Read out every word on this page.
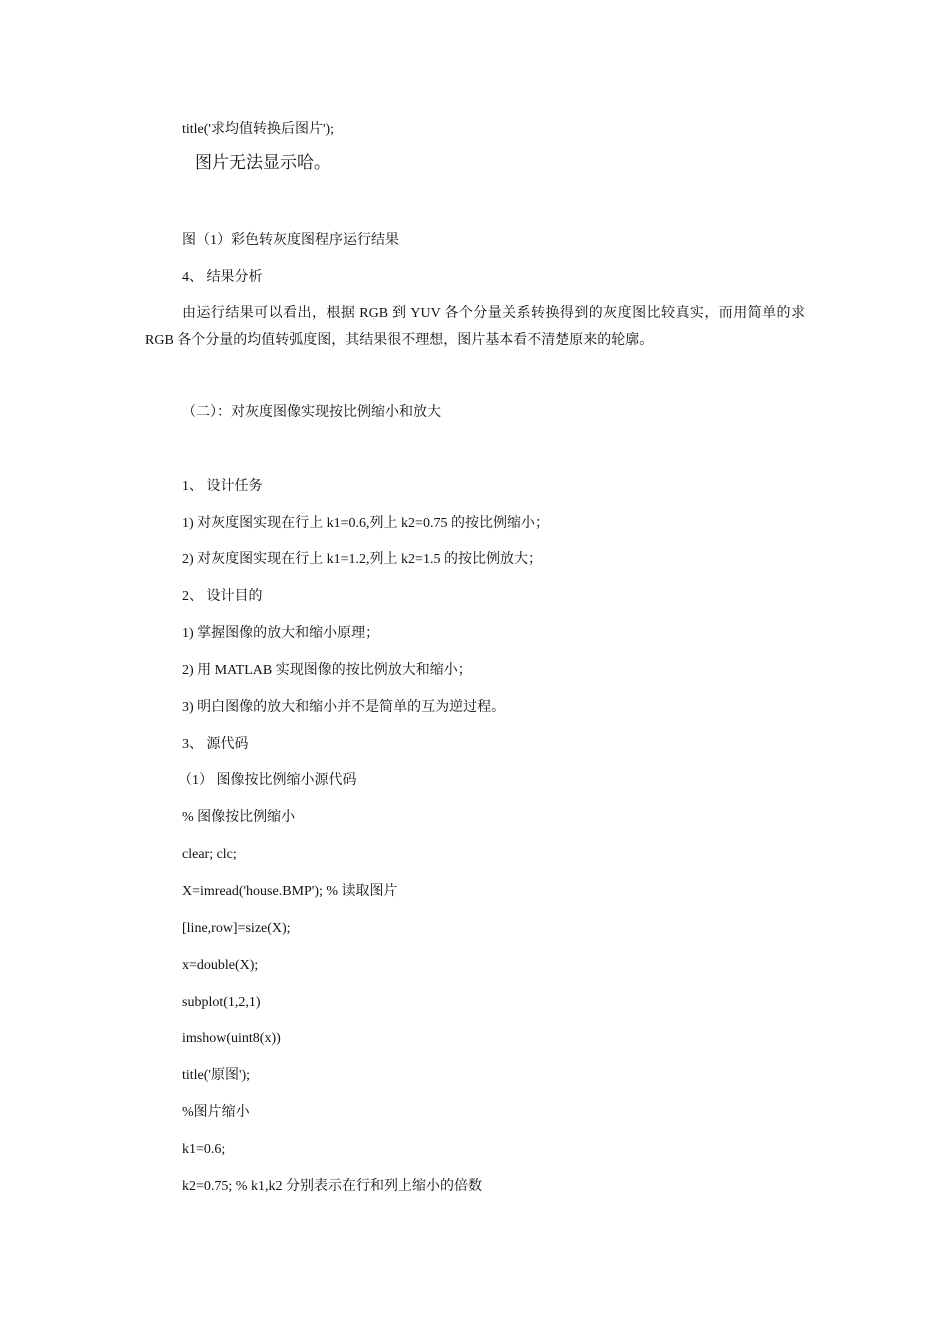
title('求均值转换后图片');
图片无法显示哈。
图（1）彩色转灰度图程序运行结果
4、 结果分析
由运行结果可以看出，根据 RGB 到 YUV 各个分量关系转换得到的灰度图比较真实，而用简单的求 RGB 各个分量的均值转弧度图，其结果很不理想，图片基本看不清楚原来的轮廓。
（二）：对灰度图像实现按比例缩小和放大
1、 设计任务
1) 对灰度图实现在行上 k1=0.6,列上 k2=0.75 的按比例缩小；
2) 对灰度图实现在行上 k1=1.2,列上 k2=1.5 的按比例放大；
2、 设计目的
1) 掌握图像的放大和缩小原理；
2) 用 MATLAB 实现图像的按比例放大和缩小；
3) 明白图像的放大和缩小并不是简单的互为逆过程。
3、 源代码
（1） 图像按比例缩小源代码
% 图像按比例缩小
clear; clc;
X=imread('house.BMP'); % 读取图片
[line,row]=size(X);
x=double(X);
subplot(1,2,1)
imshow(uint8(x))
title('原图');
%图片缩小
k1=0.6;
k2=0.75; % k1,k2 分别表示在行和列上缩小的倍数
